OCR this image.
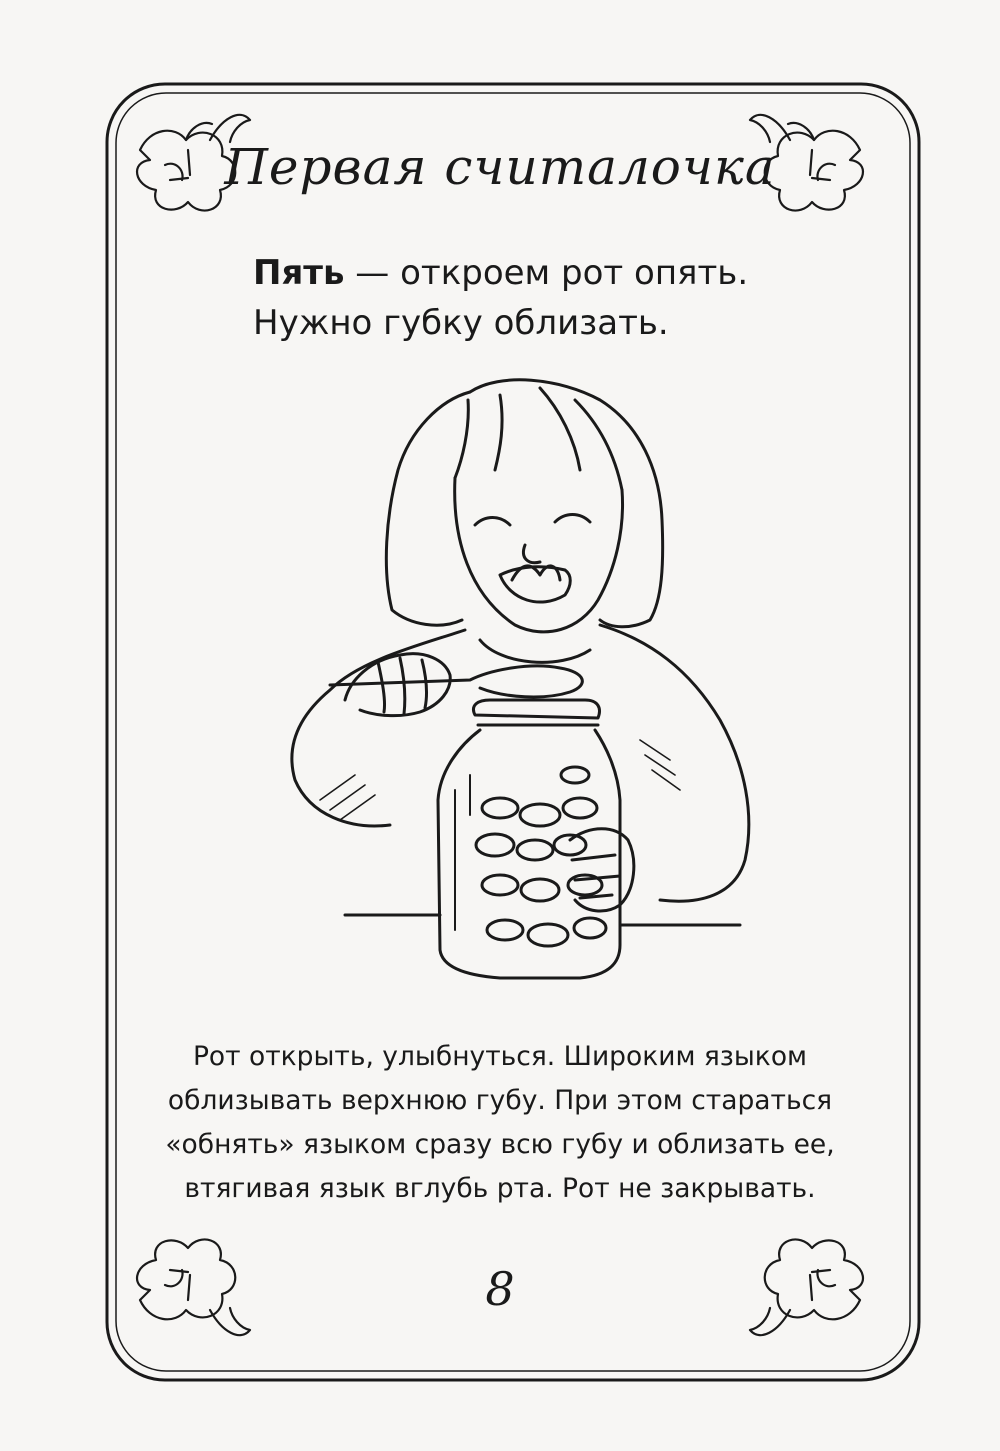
Первая считалочка
Пять — откроем рот опять.
Нужно губку облизать.
Рот открыть, улыбнуться. Широким языком
облизывать верхнюю губу. При этом стараться
«обнять» языком сразу всю губу и облизать ее,
втягивая язык вглубь рта. Рот не закрывать.
8
